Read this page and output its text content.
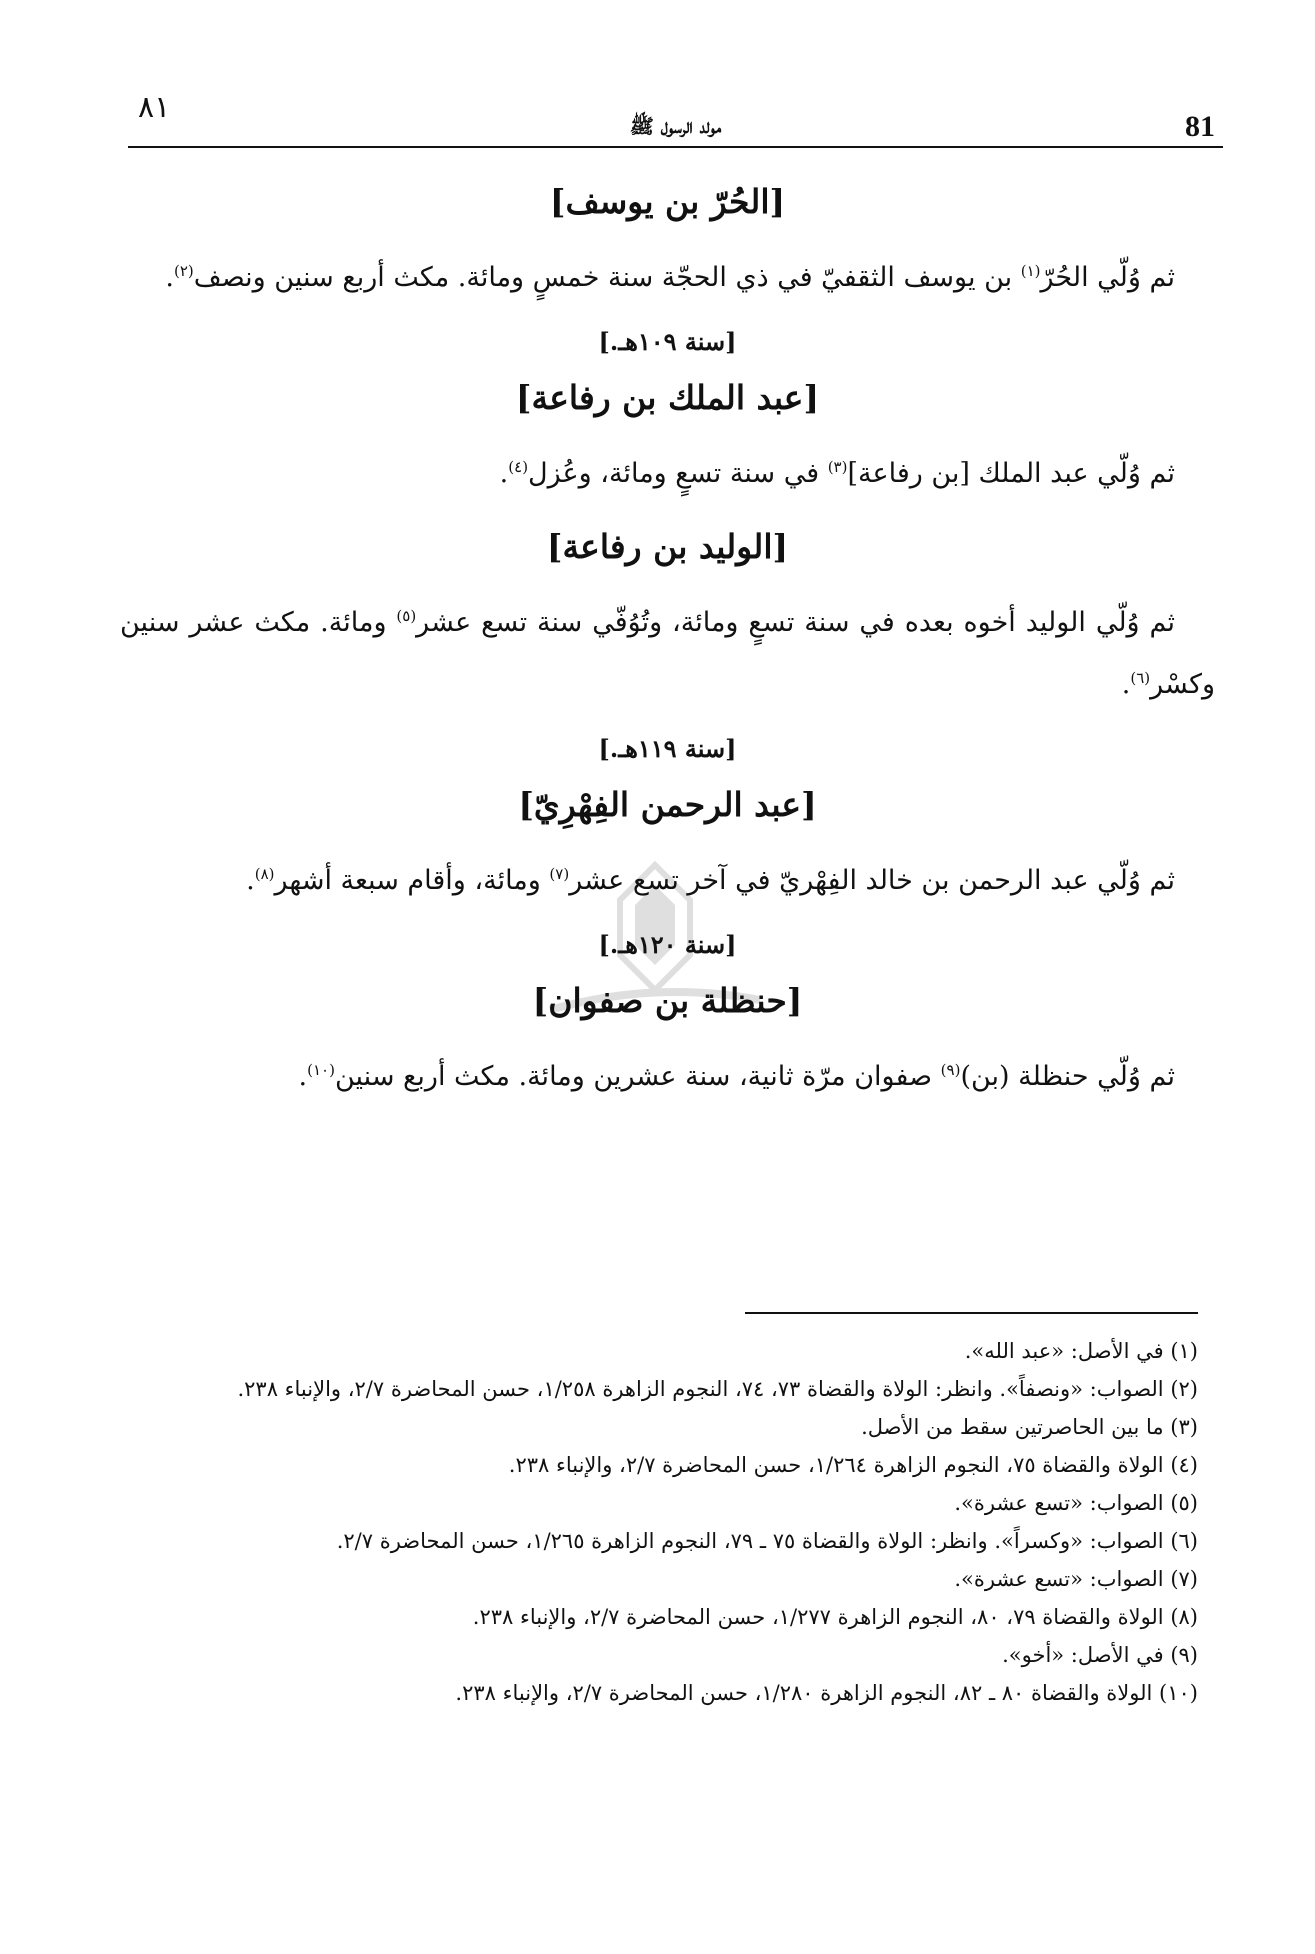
٨١
مولد الرسول ﷺ	81
[الحُرّ بن يوسف]
ثم وُلّي الحُرّ$^{(١)}$ بن يوسف الثقفيّ في ذي الحجّة سنة خمسٍ ومائة. مكث أربع سنين ونصف$^{(٢)}$.
[سنة ١٠٩هـ.]
[عبد الملك بن رفاعة]
ثم وُلّي عبد الملك [بن رفاعة]$^{(٣)}$ في سنة تسعٍ ومائة، وعُزل$^{(٤)}$.
[الوليد بن رفاعة]
ثم وُلّي الوليد أخوه بعده في سنة تسعٍ ومائة، وتُوُفّي سنة تسع عشر$^{(٥)}$ ومائة. مكث عشر سنين وكسْر$^{(٦)}$.
[سنة ١١٩هـ.]
[عبد الرحمن الفِهْرِيّ]
ثم وُلّي عبد الرحمن بن خالد الفِهْريّ في آخر تسع عشر$^{(٧)}$ ومائة، وأقام سبعة أشهر$^{(٨)}$.
[سنة ١٢٠هـ.]
[حنظلة بن صفوان]
ثم وُلّي حنظلة (بن)$^{(٩)}$ صفوان مرّة ثانية، سنة عشرين ومائة. مكث أربع سنين$^{(١٠)}$.
(١) في الأصل: «عبد الله».
(٢) الصواب: «ونصفاً». وانظر: الولاة والقضاة ٧٣، ٧٤، النجوم الزاهرة ١/٢٥٨، حسن المحاضرة ٢/٧، والإنباء ٢٣٨.
(٣) ما بين الحاصرتين سقط من الأصل.
(٤) الولاة والقضاة ٧٥، النجوم الزاهرة ١/٢٦٤، حسن المحاضرة ٢/٧، والإنباء ٢٣٨.
(٥) الصواب: «تسع عشرة».
(٦) الصواب: «وكسراً». وانظر: الولاة والقضاة ٧٥ ـ ٧٩، النجوم الزاهرة ١/٢٦٥، حسن المحاضرة ٢/٧.
(٧) الصواب: «تسع عشرة».
(٨) الولاة والقضاة ٧٩، ٨٠، النجوم الزاهرة ١/٢٧٧، حسن المحاضرة ٢/٧، والإنباء ٢٣٨.
(٩) في الأصل: «أخو».
(١٠) الولاة والقضاة ٨٠ ـ ٨٢، النجوم الزاهرة ١/٢٨٠، حسن المحاضرة ٢/٧، والإنباء ٢٣٨.
